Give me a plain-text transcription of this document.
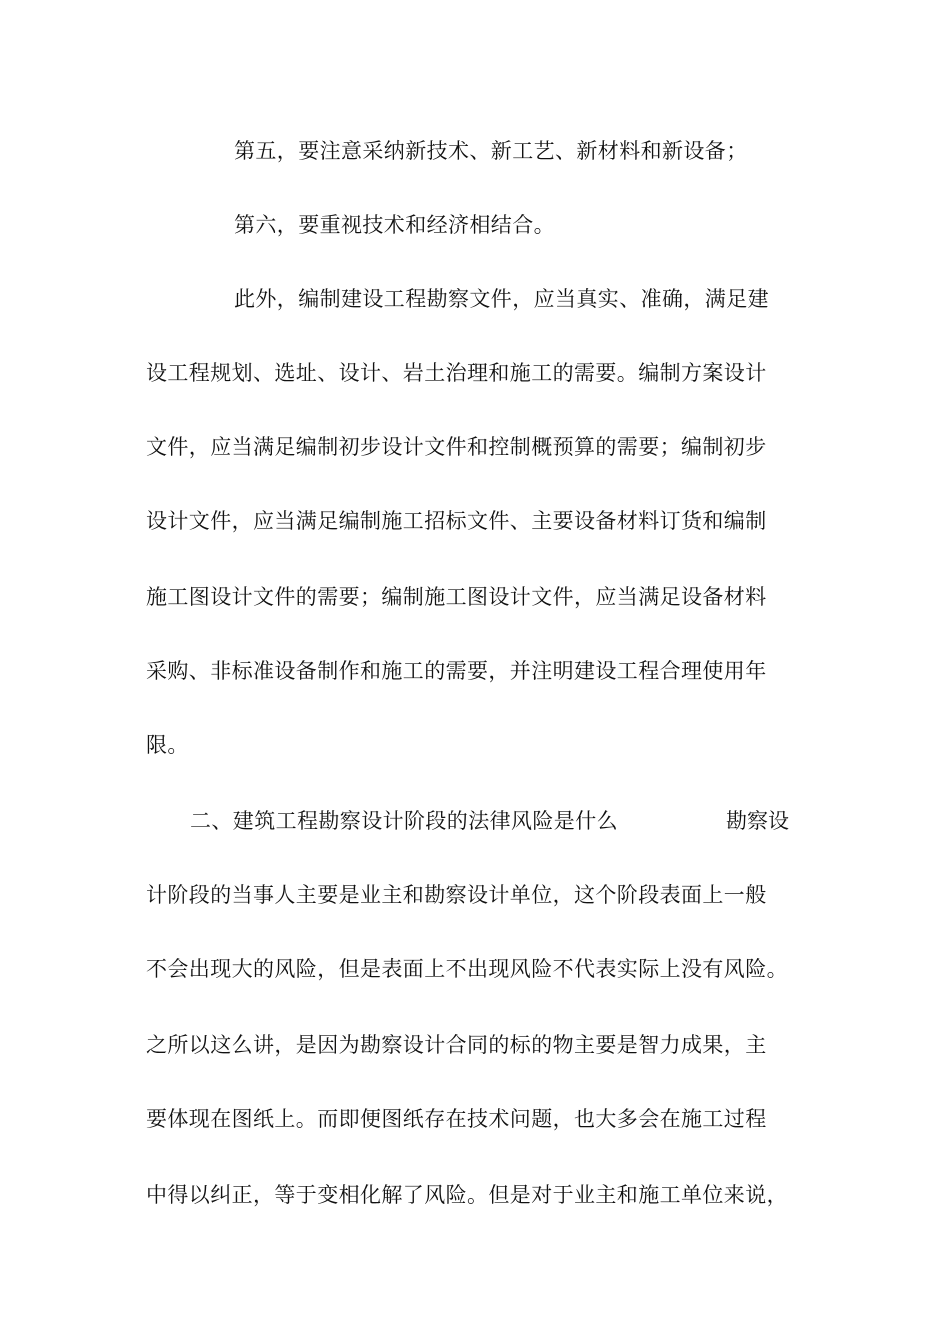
第五，要注意采纳新技术、新工艺、新材料和新设备；
第六，要重视技术和经济相结合。
此外，编制建设工程勘察文件，应当真实、准确，满足建
设工程规划、选址、设计、岩土治理和施工的需要。编制方案设计
文件，应当满足编制初步设计文件和控制概预算的需要；编制初步
设计文件，应当满足编制施工招标文件、主要设备材料订货和编制
施工图设计文件的需要；编制施工图设计文件，应当满足设备材料
采购、非标准设备制作和施工的需要，并注明建设工程合理使用年
限。
二、建筑工程勘察设计阶段的法律风险是什么	勘察设
计阶段的当事人主要是业主和勘察设计单位，这个阶段表面上一般
不会出现大的风险，但是表面上不出现风险不代表实际上没有风险。
之所以这么讲，是因为勘察设计合同的标的物主要是智力成果，主
要体现在图纸上。而即便图纸存在技术问题，也大多会在施工过程
中得以纠正，等于变相化解了风险。但是对于业主和施工单位来说，
